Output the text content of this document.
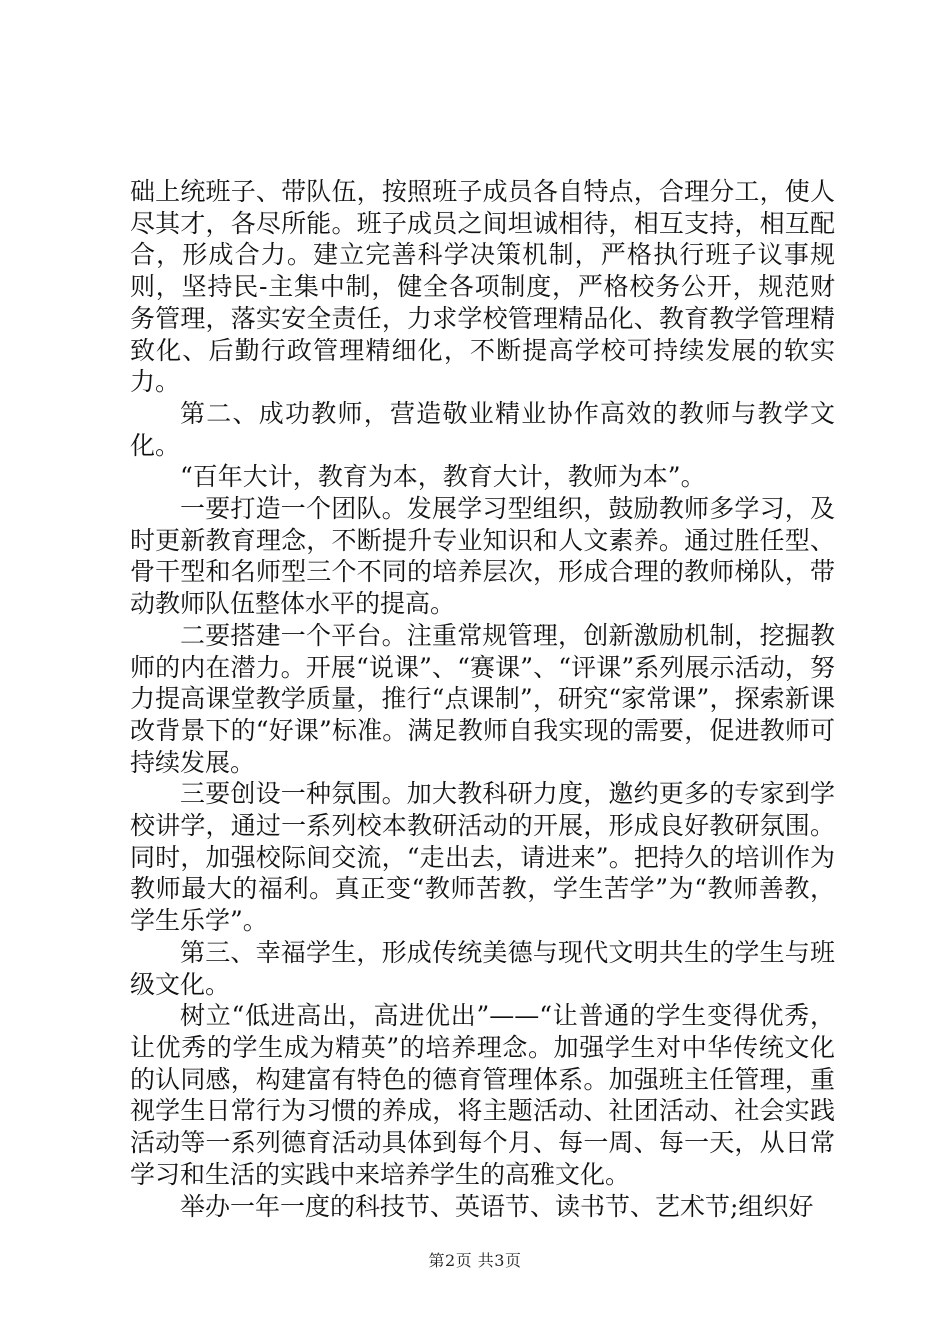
础上统班子、带队伍，按照班子成员各自特点，合理分工，使人尽其才，各尽所能。班子成员之间坦诚相待，相互支持，相互配合，形成合力。建立完善科学决策机制，严格执行班子议事规则，坚持民-主集中制，健全各项制度，严格校务公开，规范财务管理，落实安全责任，力求学校管理精品化、教育教学管理精致化、后勤行政管理精细化，不断提高学校可持续发展的软实力。

第二、成功教师，营造敬业精业协作高效的教师与教学文化。

“百年大计，教育为本，教育大计，教师为本”。

一要打造一个团队。发展学习型组织，鼓励教师多学习，及时更新教育理念，不断提升专业知识和人文素养。通过胜任型、骨干型和名师型三个不同的培养层次，形成合理的教师梯队，带动教师队伍整体水平的提高。

二要搭建一个平台。注重常规管理，创新激励机制，挖掘教师的内在潜力。开展“说课”、“赛课”、“评课”系列展示活动，努力提高课堂教学质量，推行“点课制”，研究“家常课”，探索新课改背景下的“好课”标准。满足教师自我实现的需要，促进教师可持续发展。

三要创设一种氛围。加大教科研力度，邀约更多的专家到学校讲学，通过一系列校本教研活动的开展，形成良好教研氛围。同时，加强校际间交流，“走出去，请进来”。把持久的培训作为教师最大的福利。真正变“教师苦教，学生苦学”为“教师善教，学生乐学”。

第三、幸福学生，形成传统美德与现代文明共生的学生与班级文化。

树立“低进高出，高进优出”——“让普通的学生变得优秀，让优秀的学生成为精英”的培养理念。加强学生对中华传统文化的认同感，构建富有特色的德育管理体系。加强班主任管理，重视学生日常行为习惯的养成，将主题活动、社团活动、社会实践活动等一系列德育活动具体到每个月、每一周、每一天，从日常学习和生活的实践中来培养学生的高雅文化。

举办一年一度的科技节、英语节、读书节、艺术节;组织好

第2页 共3页
